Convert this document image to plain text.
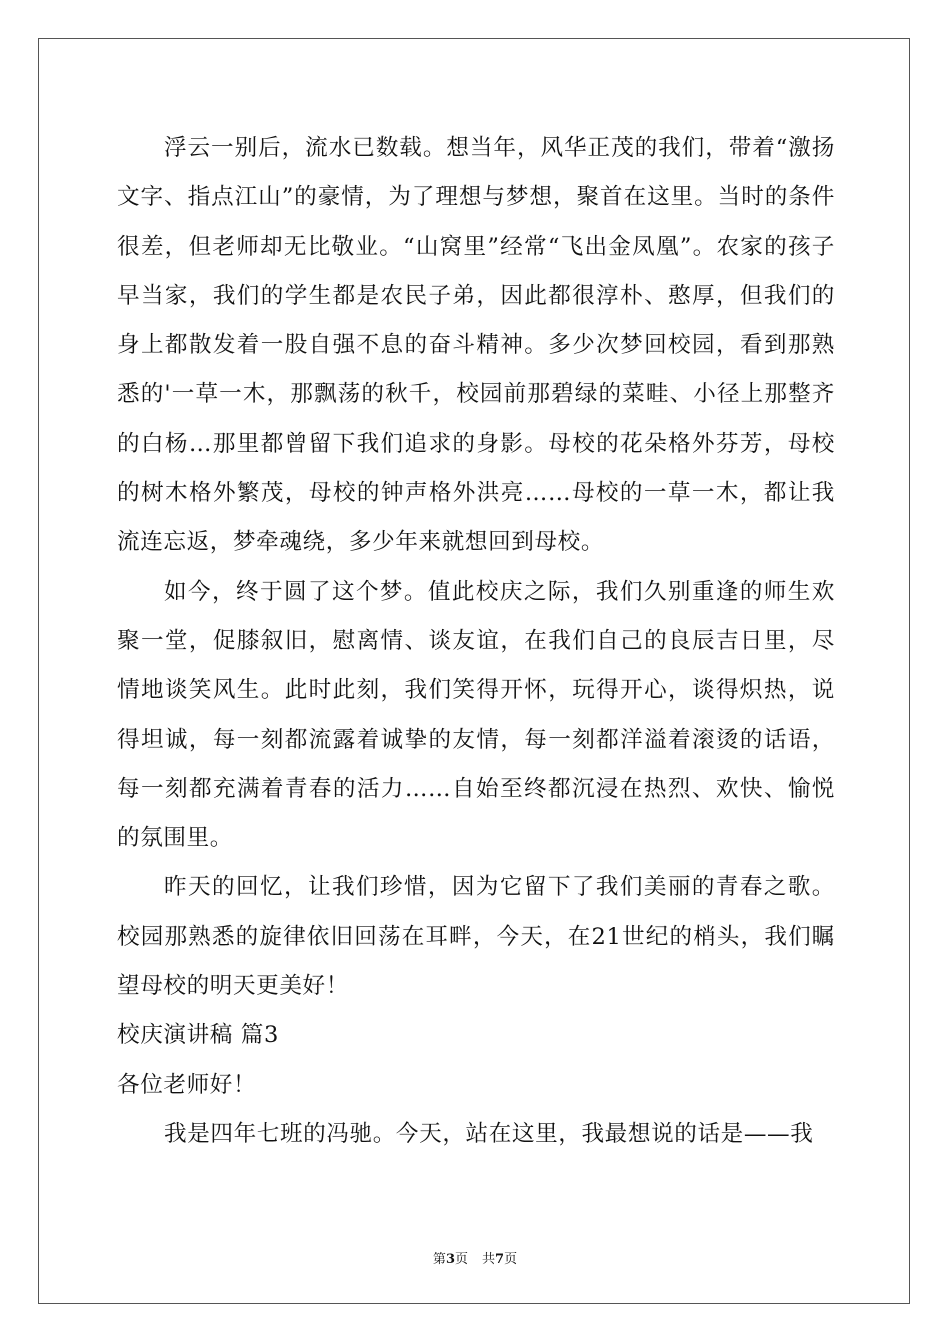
浮云一别后，流水已数载。想当年，风华正茂的我们，带着“激扬文字、指点江山”的豪情，为了理想与梦想，聚首在这里。当时的条件很差，但老师却无比敬业。“山窝里”经常“飞出金凤凰”。农家的孩子早当家，我们的学生都是农民子弟，因此都很淳朴、憨厚，但我们的身上都散发着一股自强不息的奋斗精神。多少次梦回校园，看到那熟悉的'一草一木，那飘荡的秋千，校园前那碧绿的菜畦、小径上那整齐的白杨…那里都曾留下我们追求的身影。母校的花朵格外芬芳，母校的树木格外繁茂，母校的钟声格外洪亮……母校的一草一木，都让我流连忘返，梦牵魂绕，多少年来就想回到母校。

如今，终于圆了这个梦。值此校庆之际，我们久别重逢的师生欢聚一堂，促膝叙旧，慰离情、谈友谊，在我们自己的良辰吉日里，尽情地谈笑风生。此时此刻，我们笑得开怀，玩得开心，谈得炽热，说得坦诚，每一刻都流露着诚挚的友情，每一刻都洋溢着滚烫的话语，每一刻都充满着青春的活力……自始至终都沉浸在热烈、欢快、愉悦的氛围里。

昨天的回忆，让我们珍惜，因为它留下了我们美丽的青春之歌。校园那熟悉的旋律依旧回荡在耳畔，今天，在21世纪的梢头，我们瞩望母校的明天更美好！

校庆演讲稿 篇3

各位老师好！

我是四年七班的冯驰。今天，站在这里，我最想说的话是——我

第3页 共7页
